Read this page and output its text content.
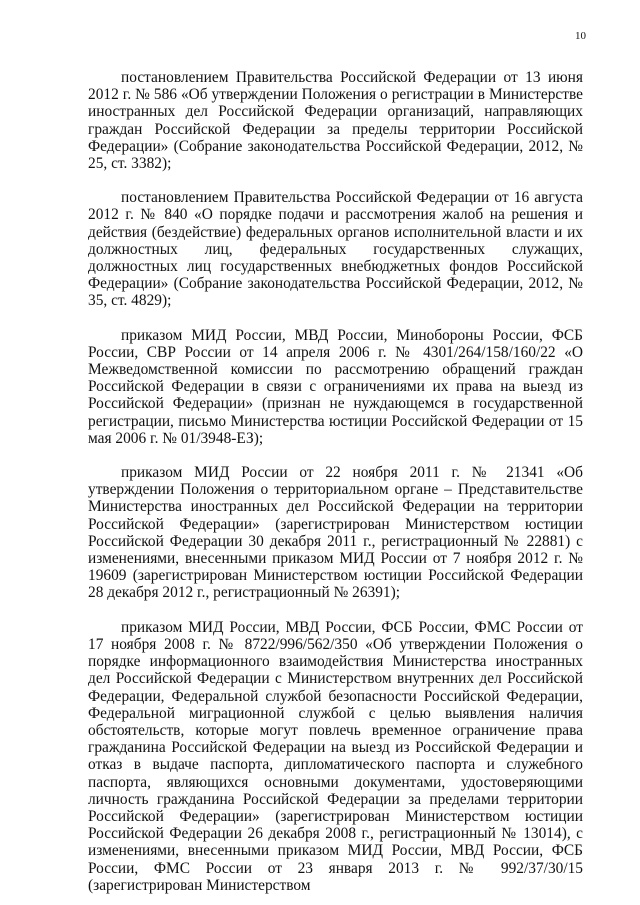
10

постановлением Правительства Российской Федерации от 13 июня 2012 г. № 586 «Об утверждении Положения о регистрации в Министерстве иностранных дел Российской Федерации организаций, направляющих граждан Российской Федерации за пределы территории Российской Федерации» (Собрание законодательства Российской Федерации, 2012, № 25, ст. 3382);

постановлением Правительства Российской Федерации от 16 августа 2012 г. № 840 «О порядке подачи и рассмотрения жалоб на решения и действия (бездействие) федеральных органов исполнительной власти и их должностных лиц, федеральных государственных служащих, должностных лиц государственных внебюджетных фондов Российской Федерации» (Собрание законодательства Российской Федерации, 2012, № 35, ст. 4829);

приказом МИД России, МВД России, Минобороны России, ФСБ России, СВР России от 14 апреля 2006 г. № 4301/264/158/160/22 «О Межведомственной комиссии по рассмотрению обращений граждан Российской Федерации в связи с ограничениями их права на выезд из Российской Федерации» (признан не нуждающемся в государственной регистрации, письмо Министерства юстиции Российской Федерации от 15 мая 2006 г. № 01/3948-ЕЗ);

приказом МИД России от 22 ноября 2011 г. № 21341 «Об утверждении Положения о территориальном органе – Представительстве Министерства иностранных дел Российской Федерации на территории Российской Федерации» (зарегистрирован Министерством юстиции Российской Федерации 30 декабря 2011 г., регистрационный № 22881) с изменениями, внесенными приказом МИД России от 7 ноября 2012 г. № 19609 (зарегистрирован Министерством юстиции Российской Федерации 28 декабря 2012 г., регистрационный № 26391);

приказом МИД России, МВД России, ФСБ России, ФМС России от 17 ноября 2008 г. № 8722/996/562/350 «Об утверждении Положения о порядке информационного взаимодействия Министерства иностранных дел Российской Федерации с Министерством внутренних дел Российской Федерации, Федеральной службой безопасности Российской Федерации, Федеральной миграционной службой с целью выявления наличия обстоятельств, которые могут повлечь временное ограничение права гражданина Российской Федерации на выезд из Российской Федерации и отказ в выдаче паспорта, дипломатического паспорта и служебного паспорта, являющихся основными документами, удостоверяющими личность гражданина Российской Федерации за пределами территории Российской Федерации» (зарегистрирован Министерством юстиции Российской Федерации 26 декабря 2008 г., регистрационный № 13014), с изменениями, внесенными приказом МИД России, МВД России, ФСБ России, ФМС России от 23 января 2013 г. № 992/37/30/15 (зарегистрирован Министерством
